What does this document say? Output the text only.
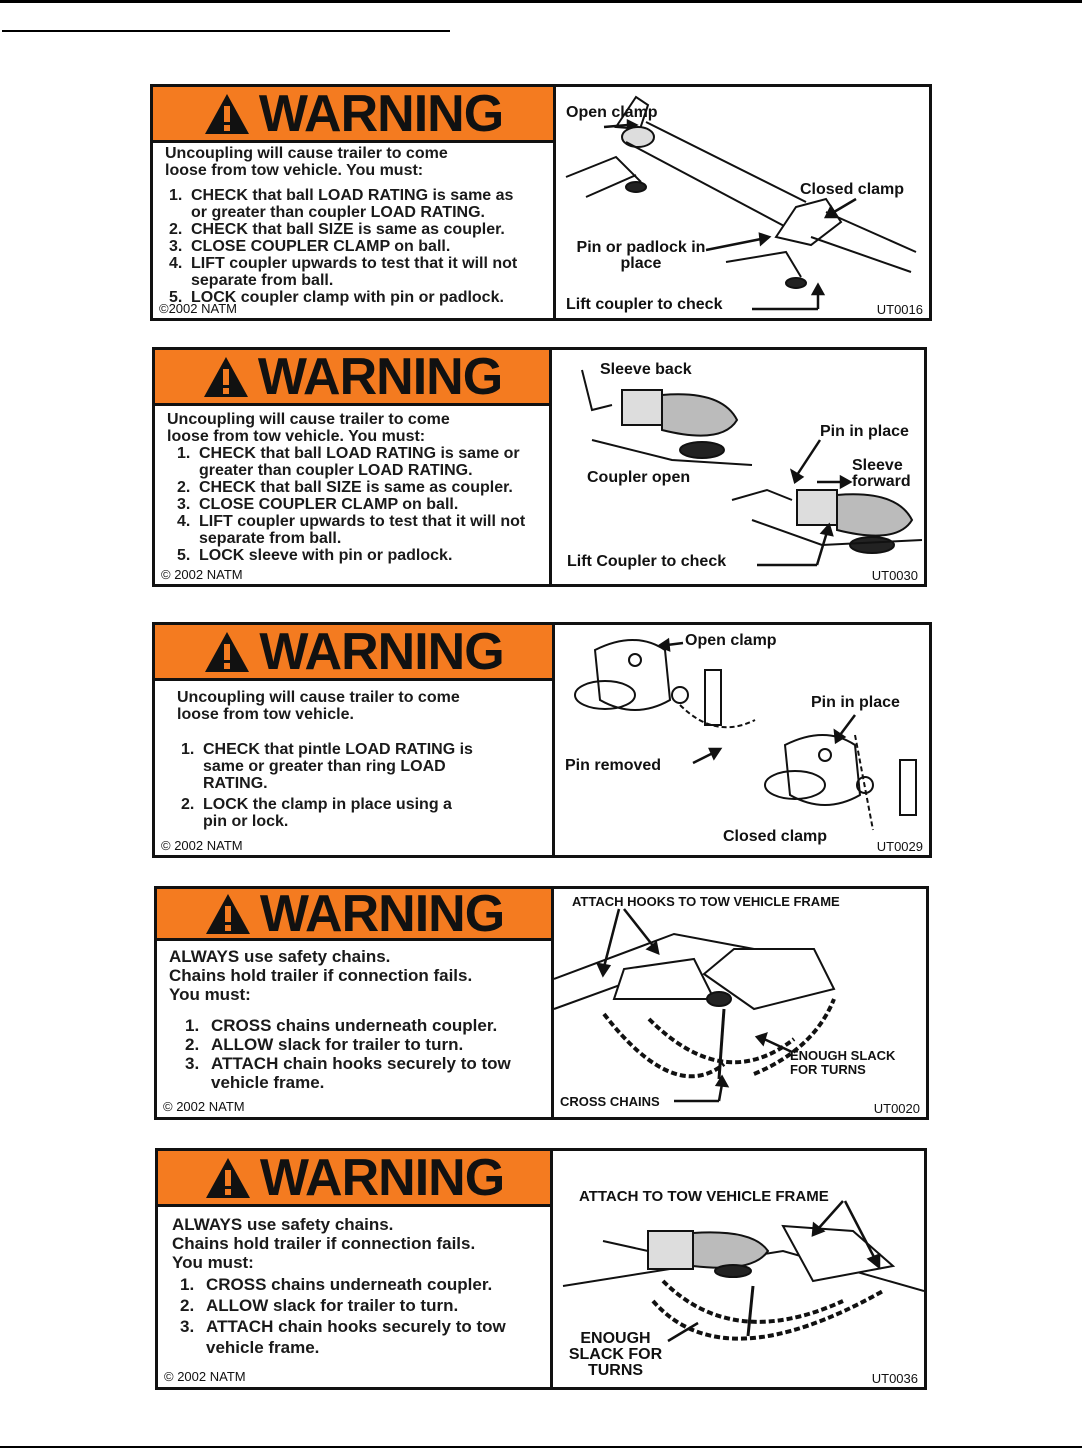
WARNING
Uncoupling will cause trailer to come
loose from tow vehicle. You must:
1. CHECK that ball LOAD RATING is same as or greater than coupler LOAD RATING.
2. CHECK that ball SIZE is same as coupler.
3. CLOSE COUPLER CLAMP on ball.
4. LIFT coupler upwards to test that it will not separate from ball.
5. LOCK coupler clamp with pin or padlock.
©2002 NATM
Open clamp
Closed clamp
Pin or padlock in place
Lift coupler to check	UT0016
WARNING
Uncoupling will cause trailer to come
loose from tow vehicle. You must:
1. CHECK that ball LOAD RATING is same or greater than coupler LOAD RATING.
2. CHECK that ball SIZE is same as coupler.
3. CLOSE COUPLER CLAMP on ball.
4. LIFT coupler upwards to test that it will not separate from ball.
5. LOCK sleeve with pin or padlock.
© 2002 NATM
Sleeve back
Pin in place
Coupler open
Sleeve forward
Lift Coupler to check
UT0030
WARNING
Uncoupling will cause trailer to come
loose from tow vehicle.
1. CHECK that pintle LOAD RATING is same or greater than ring LOAD RATING.
2. LOCK the clamp in place using a pin or lock.
© 2002 NATM
Open clamp
Pin in place
Pin removed
Closed clamp
UT0029
WARNING
ALWAYS use safety chains.
Chains hold trailer if connection fails.
You must:
1. CROSS chains underneath coupler.
2. ALLOW slack for trailer to turn.
3. ATTACH chain hooks securely to tow vehicle frame.
© 2002 NATM
ATTACH HOOKS TO TOW VEHICLE FRAME
ENOUGH SLACK FOR TURNS
CROSS CHAINS	UT0020
WARNING
ALWAYS use safety chains.
Chains hold trailer if connection fails.
You must:
1. CROSS chains underneath coupler.
2. ALLOW slack for trailer to turn.
3. ATTACH chain hooks securely to tow vehicle frame.
© 2002 NATM
ATTACH TO TOW VEHICLE FRAME
ENOUGH SLACK FOR TURNS	UT0036
